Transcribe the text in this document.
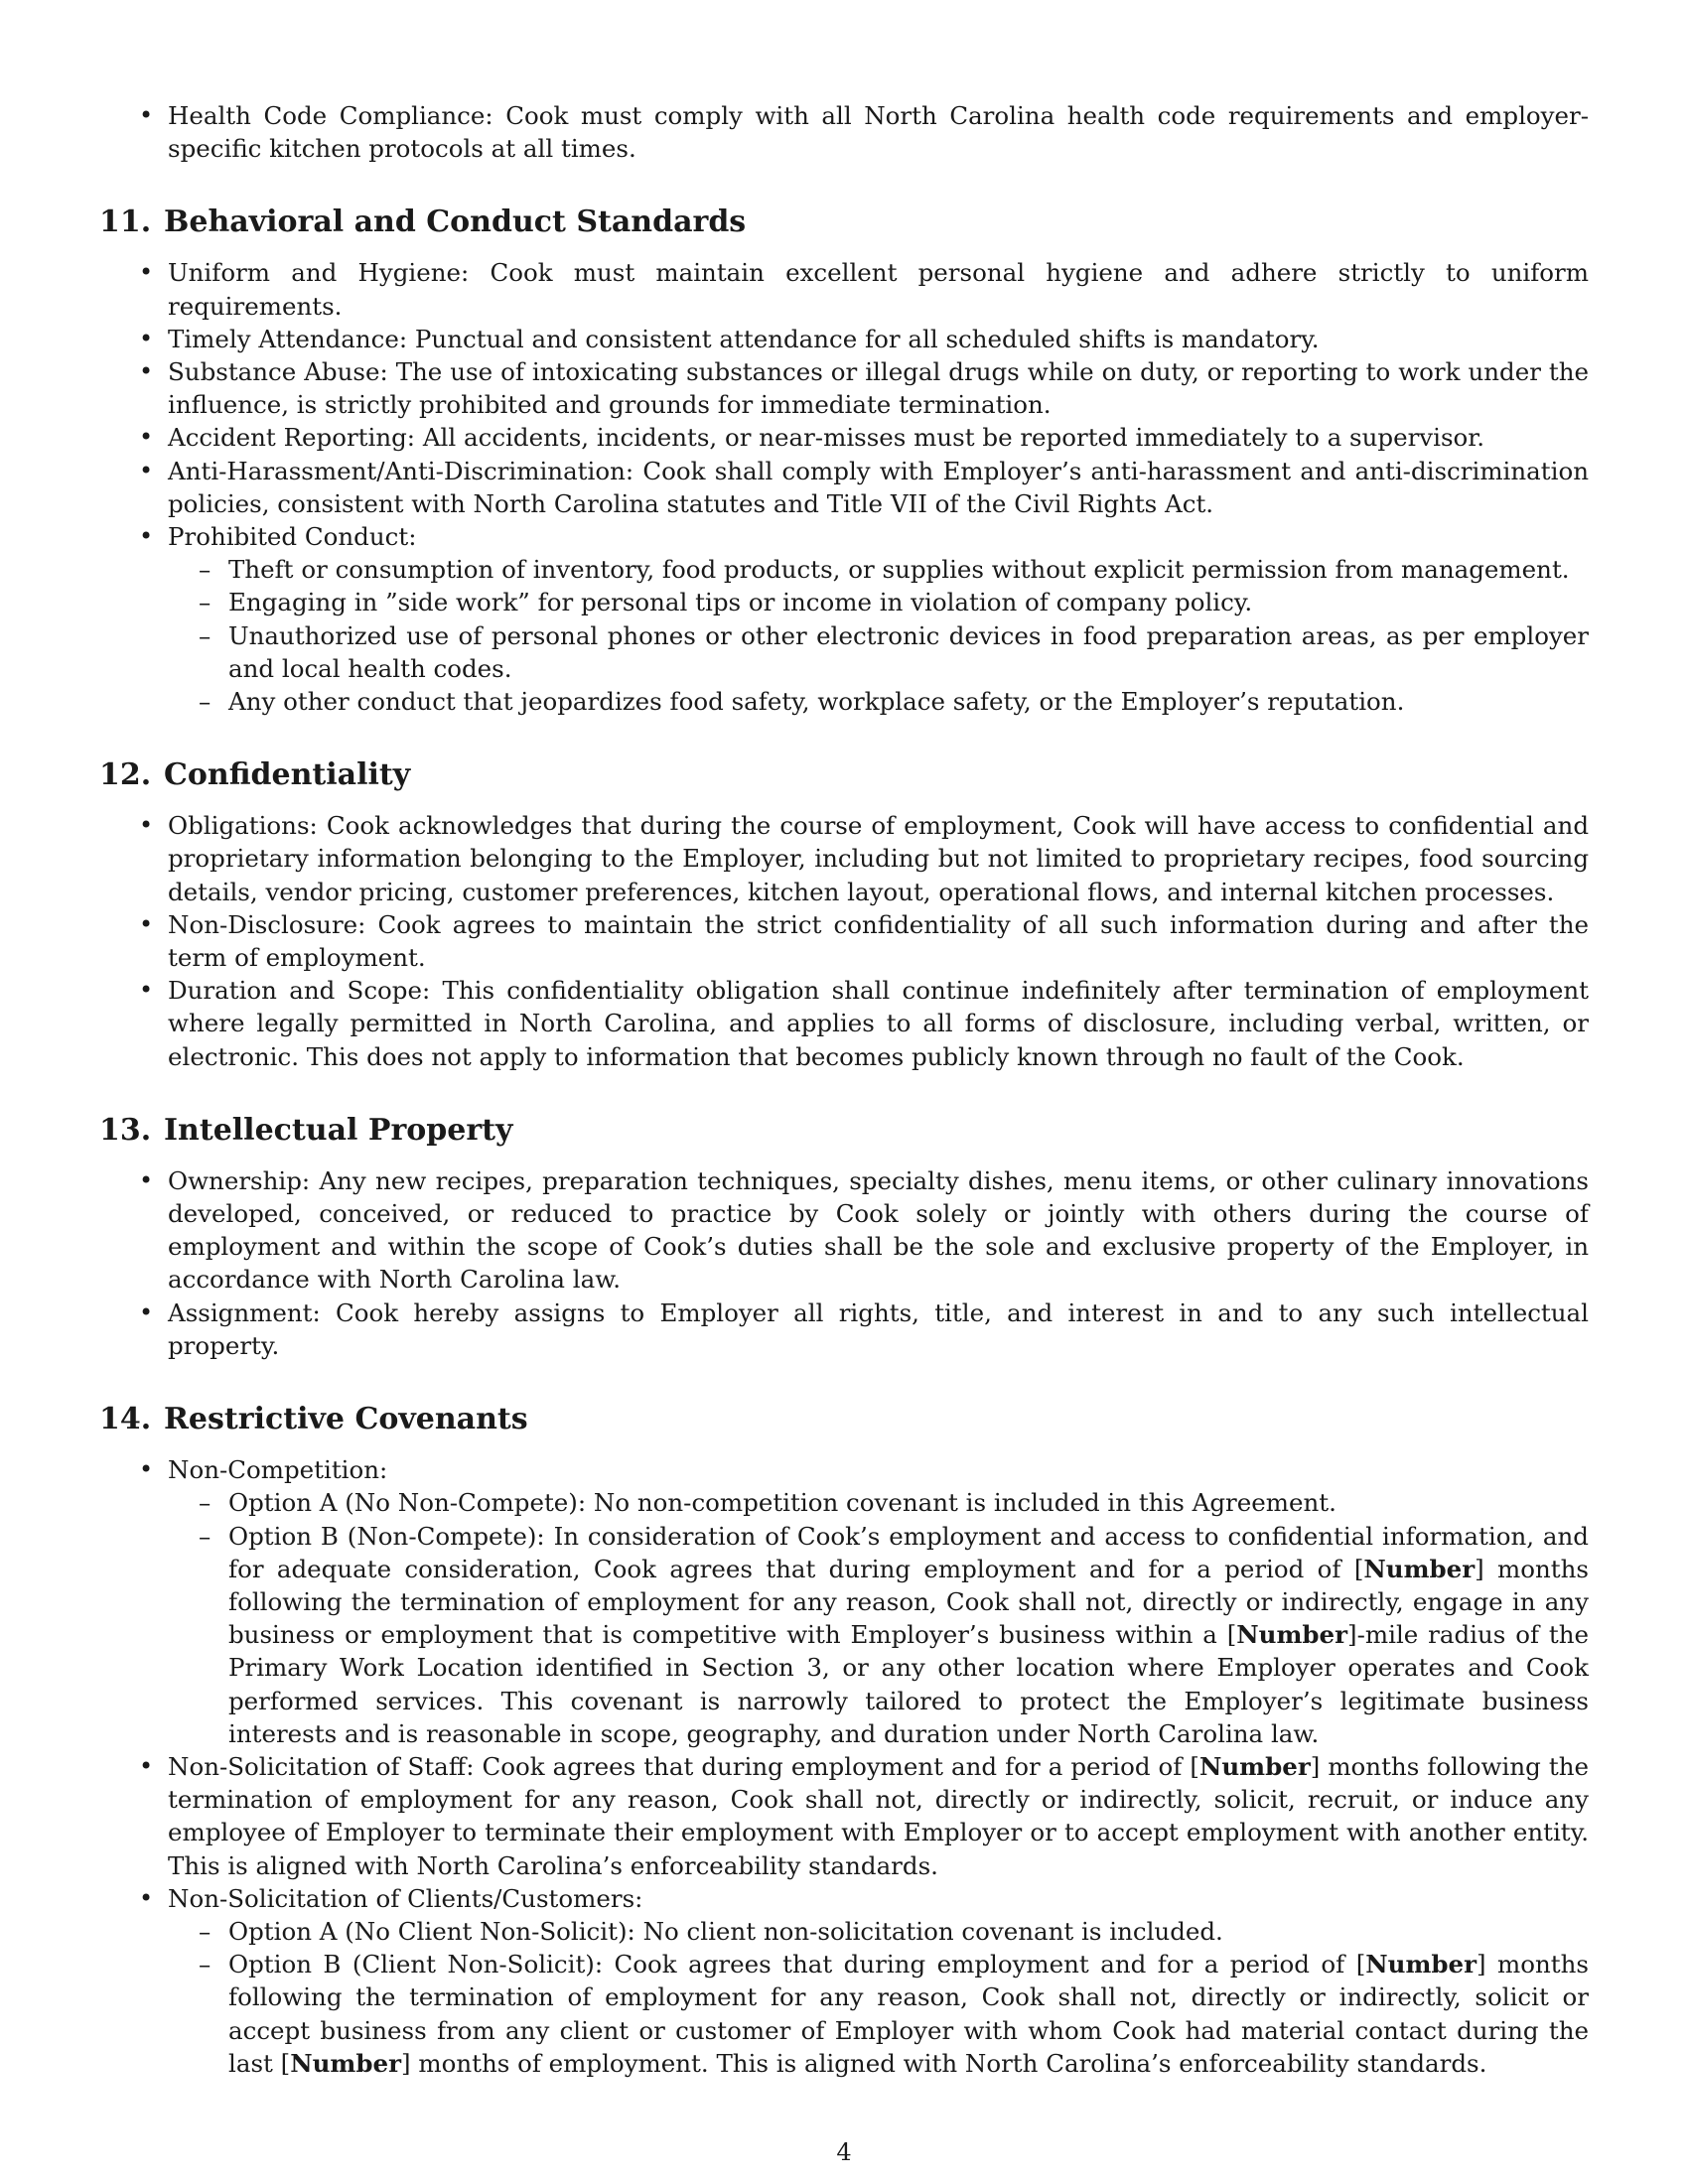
• Health Code Compliance: Cook must comply with all North Carolina health code requirements and employer-specific kitchen protocols at all times.
11. Behavioral and Conduct Standards
• Uniform and Hygiene: Cook must maintain excellent personal hygiene and adhere strictly to uniform requirements.
• Timely Attendance: Punctual and consistent attendance for all scheduled shifts is mandatory.
• Substance Abuse: The use of intoxicating substances or illegal drugs while on duty, or reporting to work under the influence, is strictly prohibited and grounds for immediate termination.
• Accident Reporting: All accidents, incidents, or near-misses must be reported immediately to a supervisor.
• Anti-Harassment/Anti-Discrimination: Cook shall comply with Employer’s anti-harassment and anti-discrimination policies, consistent with North Carolina statutes and Title VII of the Civil Rights Act.
• Prohibited Conduct:
– Theft or consumption of inventory, food products, or supplies without explicit permission from management.
– Engaging in ”side work” for personal tips or income in violation of company policy.
– Unauthorized use of personal phones or other electronic devices in food preparation areas, as per employer and local health codes.
– Any other conduct that jeopardizes food safety, workplace safety, or the Employer’s reputation.
12. Confidentiality
• Obligations: Cook acknowledges that during the course of employment, Cook will have access to confidential and proprietary information belonging to the Employer, including but not limited to proprietary recipes, food sourcing details, vendor pricing, customer preferences, kitchen layout, operational flows, and internal kitchen processes.
• Non-Disclosure: Cook agrees to maintain the strict confidentiality of all such information during and after the term of employment.
• Duration and Scope: This confidentiality obligation shall continue indefinitely after termination of employment where legally permitted in North Carolina, and applies to all forms of disclosure, including verbal, written, or electronic. This does not apply to information that becomes publicly known through no fault of the Cook.
13. Intellectual Property
• Ownership: Any new recipes, preparation techniques, specialty dishes, menu items, or other culinary innovations developed, conceived, or reduced to practice by Cook solely or jointly with others during the course of employment and within the scope of Cook’s duties shall be the sole and exclusive property of the Employer, in accordance with North Carolina law.
• Assignment: Cook hereby assigns to Employer all rights, title, and interest in and to any such intellectual property.
14. Restrictive Covenants
• Non-Competition:
– Option A (No Non-Compete): No non-competition covenant is included in this Agreement.
– Option B (Non-Compete): In consideration of Cook’s employment and access to confidential information, and for adequate consideration, Cook agrees that during employment and for a period of [Number] months following the termination of employment for any reason, Cook shall not, directly or indirectly, engage in any business or employment that is competitive with Employer’s business within a [Number]-mile radius of the Primary Work Location identified in Section 3, or any other location where Employer operates and Cook performed services. This covenant is narrowly tailored to protect the Employer’s legitimate business interests and is reasonable in scope, geography, and duration under North Carolina law.
• Non-Solicitation of Staff: Cook agrees that during employment and for a period of [Number] months following the termination of employment for any reason, Cook shall not, directly or indirectly, solicit, recruit, or induce any employee of Employer to terminate their employment with Employer or to accept employment with another entity. This is aligned with North Carolina’s enforceability standards.
• Non-Solicitation of Clients/Customers:
– Option A (No Client Non-Solicit): No client non-solicitation covenant is included.
– Option B (Client Non-Solicit): Cook agrees that during employment and for a period of [Number] months following the termination of employment for any reason, Cook shall not, directly or indirectly, solicit or accept business from any client or customer of Employer with whom Cook had material contact during the last [Number] months of employment. This is aligned with North Carolina’s enforceability standards.
4
